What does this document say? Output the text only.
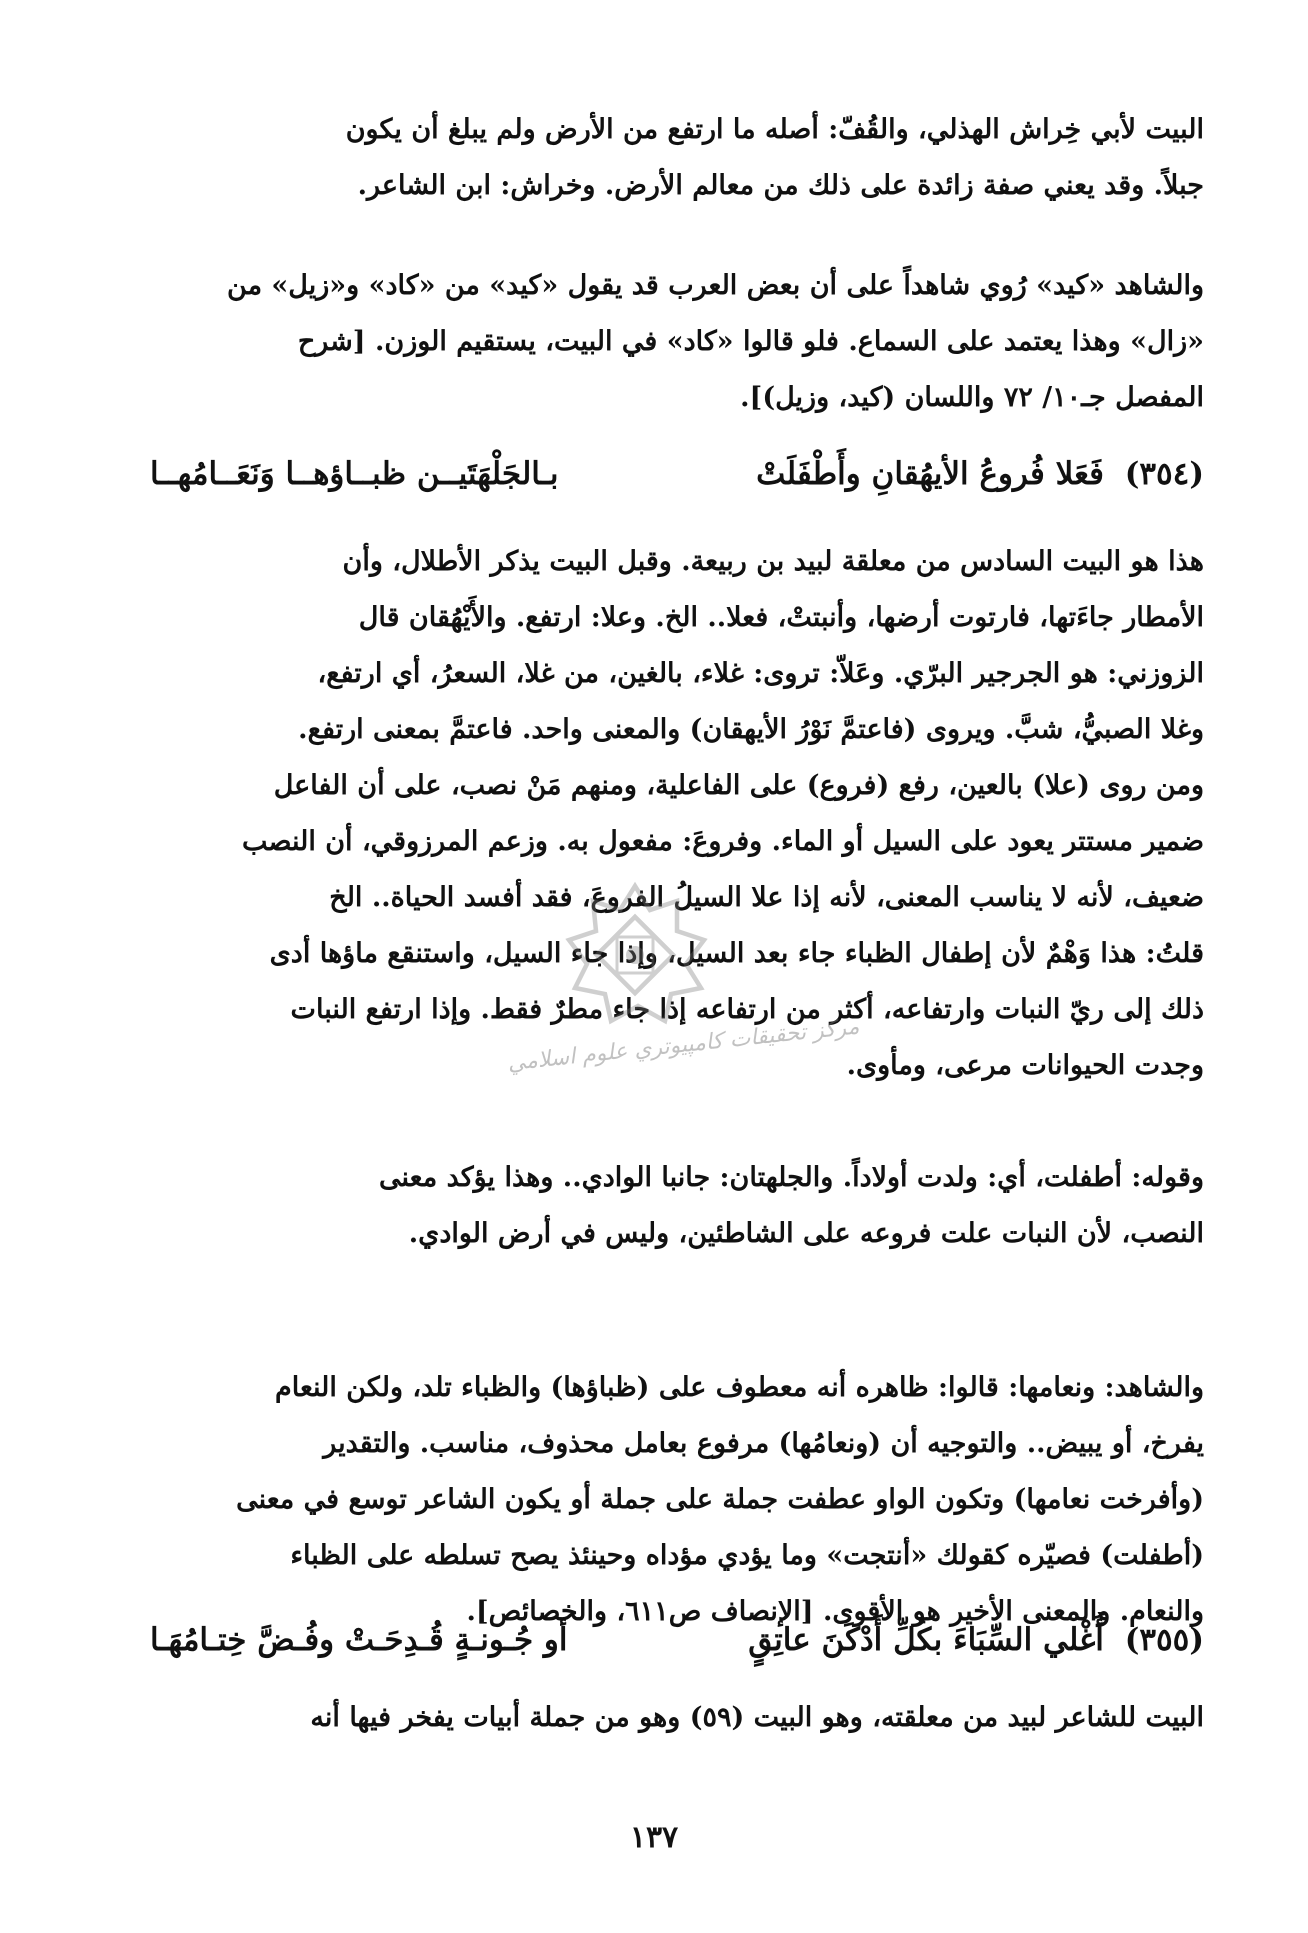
البيت لأبي خِراش الهذلي، والقُفّ: أصله ما ارتفع من الأرض ولم يبلغ أن يكون
جبلاً. وقد يعني صفة زائدة على ذلك من معالم الأرض. وخراش: ابن الشاعر.
والشاهد «كيد» رُوي شاهداً على أن بعض العرب قد يقول «كيد» من «كاد» و«زيل» من
«زال» وهذا يعتمد على السماع. فلو قالوا «كاد» في البيت، يستقيم الوزن. [شرح
المفصل جـ١٠/ ٧٢ واللسان (كيد، وزيل)].
(٣٥٤) فَعَلا فُروعُ الأيهُقانِ وأَطْفَلَتْ
بـالجَلْهَتَيــن ظبــاؤهــا وَنَعَــامُهــا
هذا هو البيت السادس من معلقة لبيد بن ربيعة. وقبل البيت يذكر الأطلال، وأن
الأمطار جاءَتها، فارتوت أرضها، وأنبتتْ، فعلا.. الخ. وعلا: ارتفع. والأَيْهُقان قال
الزوزني: هو الجرجير البرّي. وعَلاّ: تروى: غلاء، بالغين، من غلا، السعرُ، أي ارتفع،
وغلا الصبيُّ، شبَّ. ويروى (فاعتمَّ نَوْرُ الأيهقان) والمعنى واحد. فاعتمَّ بمعنى ارتفع.
ومن روى (علا) بالعين، رفع (فروع) على الفاعلية، ومنهم مَنْ نصب، على أن الفاعل
ضمير مستتر يعود على السيل أو الماء. وفروعَ: مفعول به. وزعم المرزوقي، أن النصب
ضعيف، لأنه لا يناسب المعنى، لأنه إذا علا السيلُ الفروعَ، فقد أفسد الحياة.. الخ
قلتُ: هذا وَهْمٌ لأن إطفال الظباء جاء بعد السيل، وإذا جاء السيل، واستنقع ماؤها أدى
ذلك إلى ريّ النبات وارتفاعه، أكثر من ارتفاعه إذا جاء مطرٌ فقط. وإذا ارتفع النبات
وجدت الحيوانات مرعى، ومأوى.
وقوله: أطفلت، أي: ولدت أولاداً. والجلهتان: جانبا الوادي.. وهذا يؤكد معنى
النصب، لأن النبات علت فروعه على الشاطئين، وليس في أرض الوادي.
والشاهد: ونعامها: قالوا: ظاهره أنه معطوف على (ظباؤها) والظباء تلد، ولكن النعام
يفرخ، أو يبيض.. والتوجيه أن (ونعامُها) مرفوع بعامل محذوف، مناسب. والتقدير
(وأفرخت نعامها) وتكون الواو عطفت جملة على جملة أو يكون الشاعر توسع في معنى
(أطفلت) فصيّره كقولك «أنتجت» وما يؤدي مؤداه وحينئذ يصح تسلطه على الظباء
والنعام. والمعنى الأخير هو الأقوى. [الإنصاف ص٦١١، والخصائص].
(٣٥٥) أُغْلي السِّبَاءَ بكُلِّ أَدْكَنَ عاتِقٍ
أو جُـونـةٍ قُـدِحَـتْ وفُـضَّ خِتـامُهَـا
البيت للشاعر لبيد من معلقته، وهو البيت (٥٩) وهو من جملة أبيات يفخر فيها أنه
مركز تحقيقات كامپيوتري علوم اسلامي
١٣٧
